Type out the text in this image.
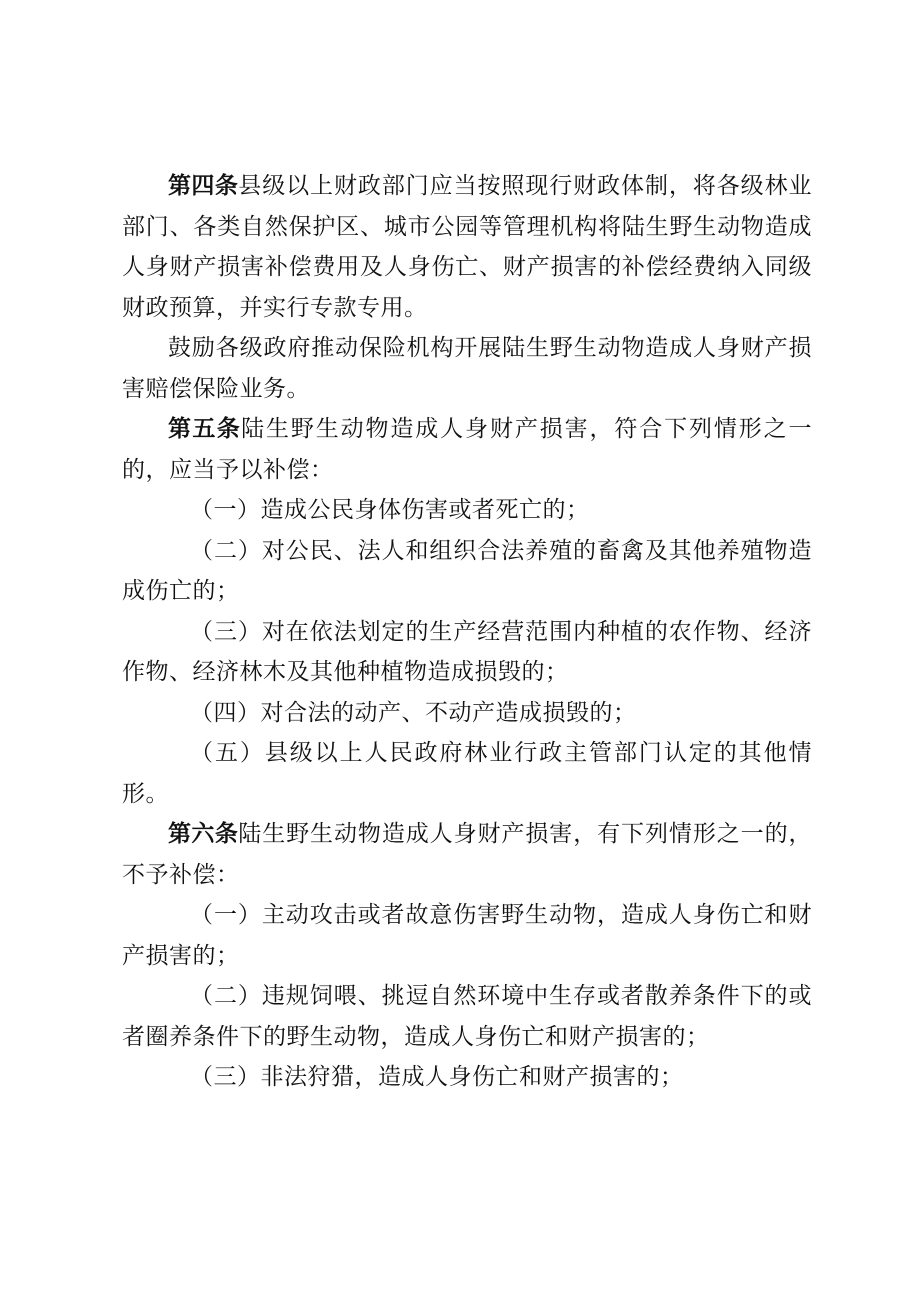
第四条县级以上财政部门应当按照现行财政体制，将各级林业部门、各类自然保护区、城市公园等管理机构将陆生野生动物造成人身财产损害补偿费用及人身伤亡、财产损害的补偿经费纳入同级财政预算，并实行专款专用。

鼓励各级政府推动保险机构开展陆生野生动物造成人身财产损害赔偿保险业务。

第五条陆生野生动物造成人身财产损害，符合下列情形之一的，应当予以补偿：

（一）造成公民身体伤害或者死亡的；

（二）对公民、法人和组织合法养殖的畜禽及其他养殖物造成伤亡的；

（三）对在依法划定的生产经营范围内种植的农作物、经济作物、经济林木及其他种植物造成损毁的；

（四）对合法的动产、不动产造成损毁的；

（五）县级以上人民政府林业行政主管部门认定的其他情形。

第六条陆生野生动物造成人身财产损害，有下列情形之一的，不予补偿：

（一）主动攻击或者故意伤害野生动物，造成人身伤亡和财产损害的；

（二）违规饲喂、挑逗自然环境中生存或者散养条件下的或者圈养条件下的野生动物，造成人身伤亡和财产损害的；

（三）非法狩猎，造成人身伤亡和财产损害的；
